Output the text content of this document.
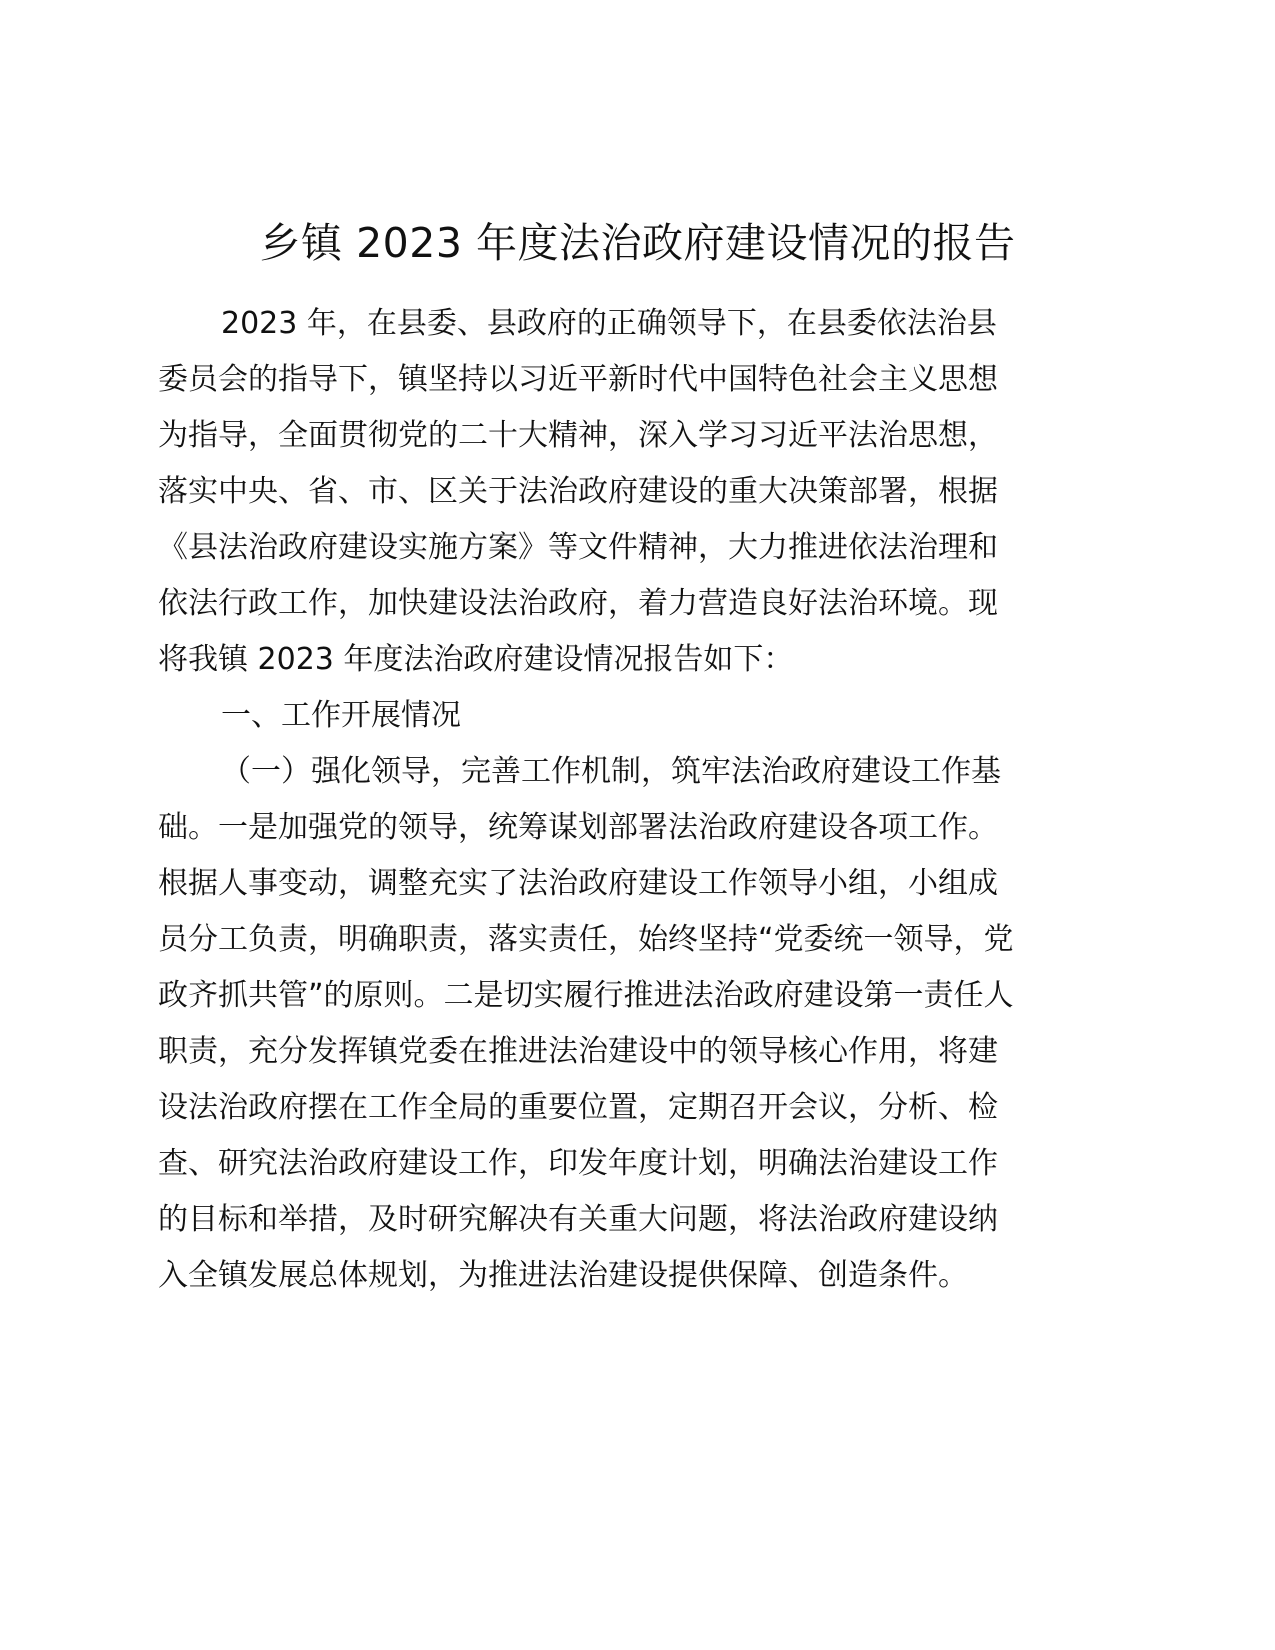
乡镇 2023 年度法治政府建设情况的报告
2023 年，在县委、县政府的正确领导下，在县委依法治县
委员会的指导下，镇坚持以习近平新时代中国特色社会主义思想
为指导，全面贯彻党的二十大精神，深入学习习近平法治思想，
落实中央、省、市、区关于法治政府建设的重大决策部署，根据
《县法治政府建设实施方案》等文件精神，大力推进依法治理和
依法行政工作，加快建设法治政府，着力营造良好法治环境。现
将我镇 2023 年度法治政府建设情况报告如下：
一、工作开展情况
（一）强化领导，完善工作机制，筑牢法治政府建设工作基
础。一是加强党的领导，统筹谋划部署法治政府建设各项工作。
根据人事变动，调整充实了法治政府建设工作领导小组，小组成
员分工负责，明确职责，落实责任，始终坚持“党委统一领导，党
政齐抓共管”的原则。二是切实履行推进法治政府建设第一责任人
职责，充分发挥镇党委在推进法治建设中的领导核心作用，将建
设法治政府摆在工作全局的重要位置，定期召开会议，分析、检
查、研究法治政府建设工作，印发年度计划，明确法治建设工作
的目标和举措，及时研究解决有关重大问题，将法治政府建设纳
入全镇发展总体规划，为推进法治建设提供保障、创造条件。
